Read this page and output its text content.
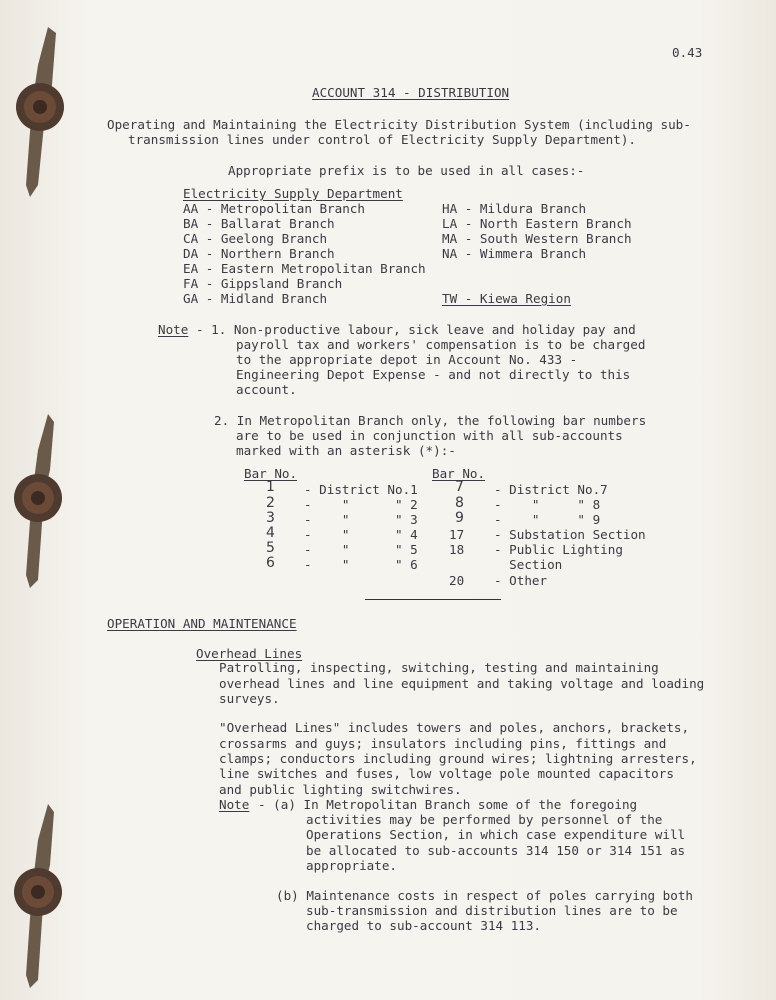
0.43
ACCOUNT 314 - DISTRIBUTION
Operating and Maintaining the Electricity Distribution System (including sub-
transmission lines under control of Electricity Supply Department).
Appropriate prefix is to be used in all cases:-
Electricity Supply Department
AA - Metropolitan Branch
BA - Ballarat Branch
CA - Geelong Branch
DA - Northern Branch
EA - Eastern Metropolitan Branch
FA - Gippsland Branch
GA - Midland Branch
HA - Mildura Branch
LA - North Eastern Branch
MA - South Western Branch
NA - Wimmera Branch
TW - Kiewa Region
Note - 1. Non-productive labour, sick leave and holiday pay and
payroll tax and workers' compensation is to be charged
to the appropriate depot in Account No. 433 -
Engineering Depot Expense - and not directly to this
account.
2. In Metropolitan Branch only, the following bar numbers
are to be used in conjunction with all sub-accounts
marked with an asterisk (*):-
Bar No.	Bar No.
1 - District No.1
2 -    "      " 2
3 -    "      " 3
4 -    "      " 4
5 -    "      " 5
6 -    "      " 6
7 - District No.7
8 -    "     " 8
9 -    "     " 9
17 - Substation Section
18 - Public Lighting
Section
20 - Other
OPERATION AND MAINTENANCE
Overhead Lines
Patrolling, inspecting, switching, testing and maintaining
overhead lines and line equipment and taking voltage and loading
surveys.
"Overhead Lines" includes towers and poles, anchors, brackets,
crossarms and guys; insulators including pins, fittings and
clamps; conductors including ground wires; lightning arresters,
line switches and fuses, low voltage pole mounted capacitors
and public lighting switchwires.
Note - (a) In Metropolitan Branch some of the foregoing
activities may be performed by personnel of the
Operations Section, in which case expenditure will
be allocated to sub-accounts 314 150 or 314 151 as
appropriate.
(b) Maintenance costs in respect of poles carrying both
sub-transmission and distribution lines are to be
charged to sub-account 314 113.
